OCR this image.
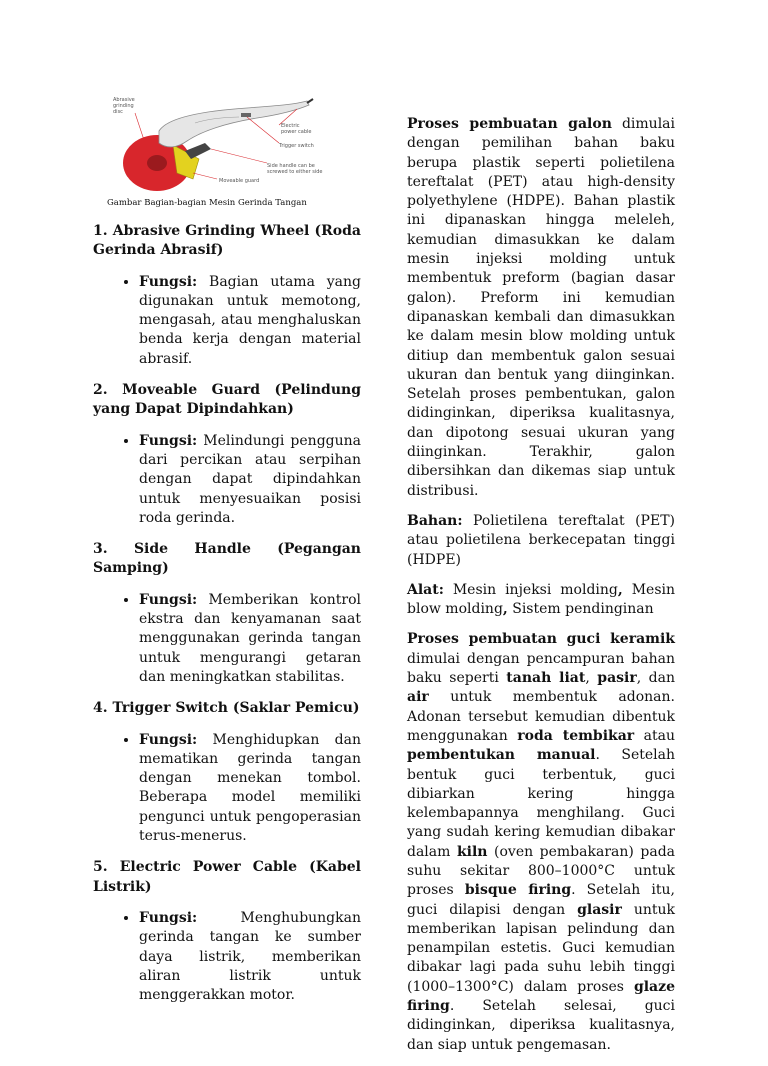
Abrasive
grinding
disc
Electric
power cable
Trigger switch
Side handle can be
screwed to either side
Moveable guard
Gambar Bagian-bagian Mesin Gerinda Tangan
1. Abrasive Grinding Wheel (Roda Gerinda Abrasif)
• Fungsi: Bagian utama yang digunakan untuk memotong, mengasah, atau menghaluskan benda kerja dengan material abrasif.
2. Moveable Guard (Pelindung yang Dapat Dipindahkan)
• Fungsi: Melindungi pengguna dari percikan atau serpihan dengan dapat dipindahkan untuk menyesuaikan posisi roda gerinda.
3. Side Handle (Pegangan Samping)
• Fungsi: Memberikan kontrol ekstra dan kenyamanan saat menggunakan gerinda tangan untuk mengurangi getaran dan meningkatkan stabilitas.
4. Trigger Switch (Saklar Pemicu)
• Fungsi: Menghidupkan dan mematikan gerinda tangan dengan menekan tombol. Beberapa model memiliki pengunci untuk pengoperasian terus-menerus.
5. Electric Power Cable (Kabel Listrik)
• Fungsi: Menghubungkan gerinda tangan ke sumber daya listrik, memberikan aliran listrik untuk menggerakkan motor.

Proses pembuatan galon dimulai dengan pemilihan bahan baku berupa plastik seperti polietilena tereftalat (PET) atau high-density polyethylene (HDPE). Bahan plastik ini dipanaskan hingga meleleh, kemudian dimasukkan ke dalam mesin injeksi molding untuk membentuk preform (bagian dasar galon). Preform ini kemudian dipanaskan kembali dan dimasukkan ke dalam mesin blow molding untuk ditiup dan membentuk galon sesuai ukuran dan bentuk yang diinginkan. Setelah proses pembentukan, galon didinginkan, diperiksa kualitasnya, dan dipotong sesuai ukuran yang diinginkan. Terakhir, galon dibersihkan dan dikemas siap untuk distribusi.

Bahan: Polietilena tereftalat (PET) atau polietilena berkecepatan tinggi (HDPE)

Alat: Mesin injeksi molding, Mesin blow molding, Sistem pendinginan

Proses pembuatan guci keramik dimulai dengan pencampuran bahan baku seperti tanah liat, pasir, dan air untuk membentuk adonan. Adonan tersebut kemudian dibentuk menggunakan roda tembikar atau pembentukan manual. Setelah bentuk guci terbentuk, guci dibiarkan kering hingga kelembapannya menghilang. Guci yang sudah kering kemudian dibakar dalam kiln (oven pembakaran) pada suhu sekitar 800–1000°C untuk proses bisque firing. Setelah itu, guci dilapisi dengan glasir untuk memberikan lapisan pelindung dan penampilan estetis. Guci kemudian dibakar lagi pada suhu lebih tinggi (1000–1300°C) dalam proses glaze firing. Setelah selesai, guci didinginkan, diperiksa kualitasnya, dan siap untuk pengemasan.
